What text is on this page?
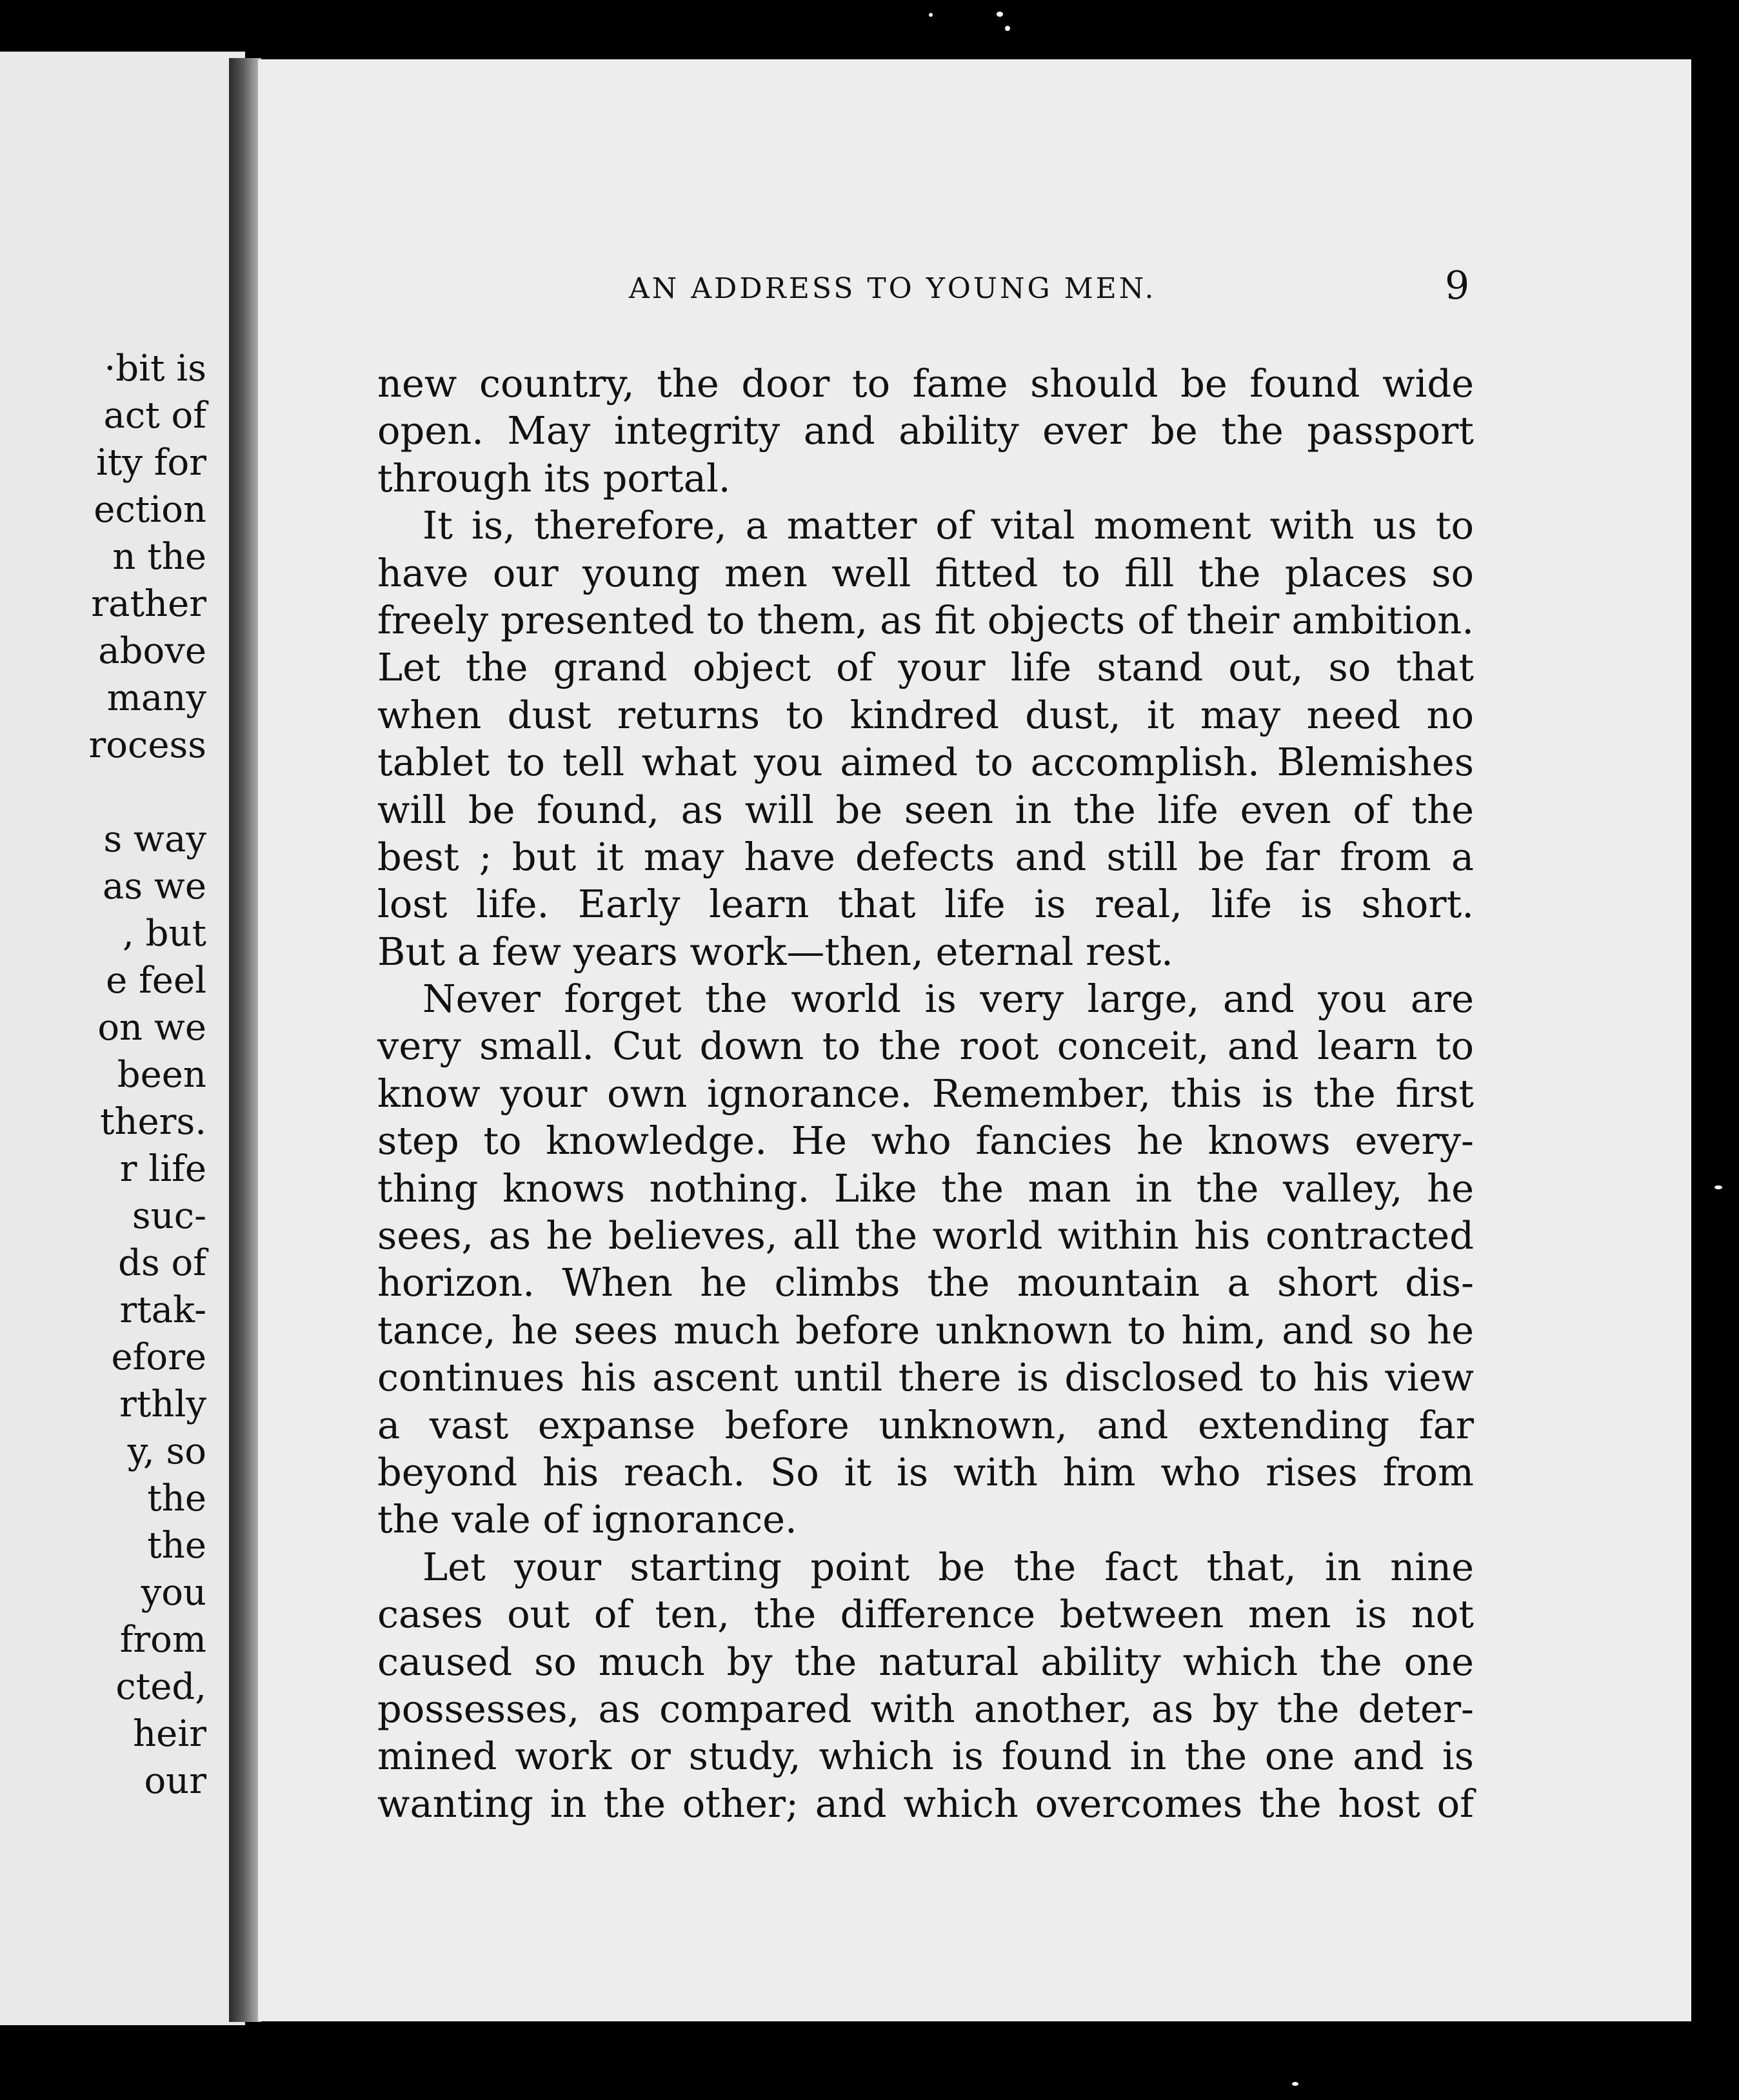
·bit is
act of
ity for
ection
n the
rather
above
many
rocess
s way
as we
, but
e feel
on we
been
thers.
r life
suc-
ds of
rtak-
efore
rthly
y, so
the
the
you
from
cted,
heir
our
AN ADDRESS TO YOUNG MEN.	9
new country, the door to fame should be found wide
open. May integrity and ability ever be the passport
through its portal.
It is, therefore, a matter of vital moment with us to
have our young men well fitted to fill the places so
freely presented to them, as fit objects of their ambition.
Let the grand object of your life stand out, so that
when dust returns to kindred dust, it may need no
tablet to tell what you aimed to accomplish. Blemishes
will be found, as will be seen in the life even of the
best ; but it may have defects and still be far from a
lost life. Early learn that life is real, life is short.
But a few years work—then, eternal rest.
Never forget the world is very large, and you are
very small. Cut down to the root conceit, and learn to
know your own ignorance. Remember, this is the first
step to knowledge. He who fancies he knows every-
thing knows nothing. Like the man in the valley, he
sees, as he believes, all the world within his contracted
horizon. When he climbs the mountain a short dis-
tance, he sees much before unknown to him, and so he
continues his ascent until there is disclosed to his view
a vast expanse before unknown, and extending far
beyond his reach. So it is with him who rises from
the vale of ignorance.
Let your starting point be the fact that, in nine
cases out of ten, the difference between men is not
caused so much by the natural ability which the one
possesses, as compared with another, as by the deter-
mined work or study, which is found in the one and is
wanting in the other; and which overcomes the host of
